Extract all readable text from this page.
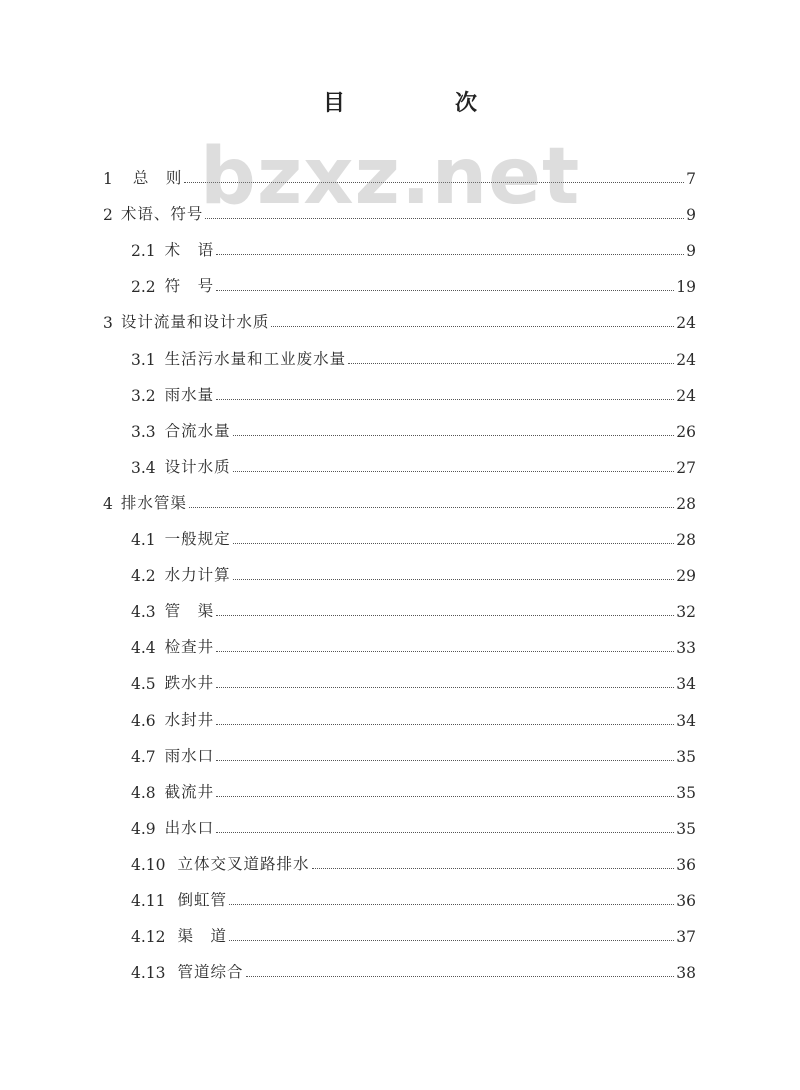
目　次
bzxz.net
1 总　则	7
2 术语、符号	9
2.1 术　语	9
2.2 符　号	19
3 设计流量和设计水质	24
3.1 生活污水量和工业废水量	24
3.2 雨水量	24
3.3 合流水量	26
3.4 设计水质	27
4 排水管渠	28
4.1 一般规定	28
4.2 水力计算	29
4.3 管　渠	32
4.4 检查井	33
4.5 跌水井	34
4.6 水封井	34
4.7 雨水口	35
4.8 截流井	35
4.9 出水口	35
4.10 立体交叉道路排水	36
4.11 倒虹管	36
4.12 渠　道	37
4.13 管道综合	38
